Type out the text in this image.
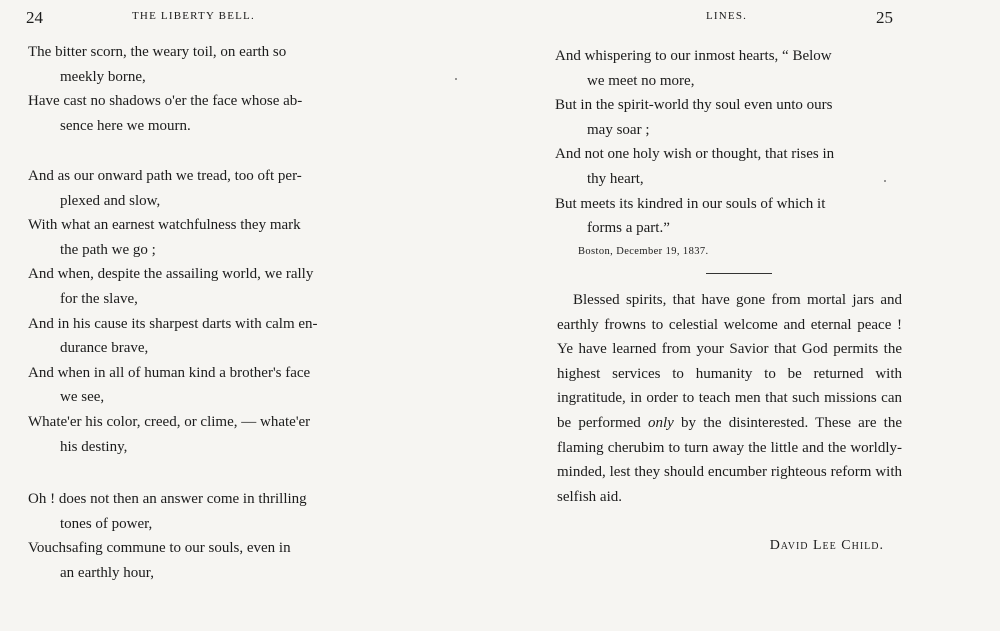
24	THE LIBERTY BELL.

The bitter scorn, the weary toil, on earth so

meekly borne,

Have cast no shadows o'er the face whose ab-

sence here we mourn.

And as our onward path we tread, too oft per-

plexed and slow,

With what an earnest watchfulness they mark

the path we go ;

And when, despite the assailing world, we rally

for the slave,

And in his cause its sharpest darts with calm en-

durance brave,

And when in all of human kind a brother's face

we see,

Whate'er his color, creed, or clime, — whate'er

his destiny,

Oh ! does not then an answer come in thrilling

tones of power,

Vouchsafing commune to our souls, even in

an earthly hour,

LINES.	25

And whispering to our inmost hearts, “ Below

we meet no more,

But in the spirit-world thy soul even unto ours

may soar ;

And not one holy wish or thought, that rises in

thy heart,

But meets its kindred in our souls of which it

forms a part.”

Boston, December 19, 1837.

Blessed spirits, that have gone from mortal jars and earthly frowns to celestial welcome and eternal peace ! Ye have learned from your Savior that God permits the highest services to humanity to be returned with ingratitude, in order to teach men that such missions can be performed only by the disinterested. These are the flaming cherubim to turn away the little and the worldly-minded, lest they should encumber righteous reform with selfish aid.

David Lee Child.
